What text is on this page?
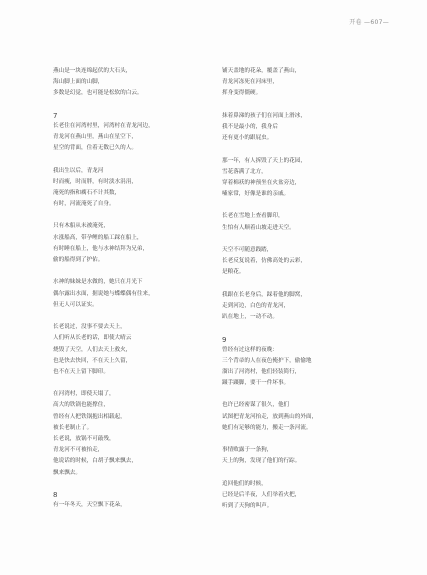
开卷 —607—
燕山是一块连绵起伏的大石头，
海山脚上面的山脚，
多数是幻觉，也可能是松软的白云。
7
长老住在河湾村里，河湾村在青龙河边，
青龙河在燕山里，燕山在星空下，
星空的背面，住着无数已久的人。
我出生以后，青龙河
时而瘦，时而胖，有时淡水涓涓，
淹死的指和瘸石不计其数，
有时，河流淹死了自身。
只有木船从未被淹死，
水涨船高，带孕鲤的船工踩在船上，
有时睡在船上，他与水神结拜为兄弟，
偷的船得到了护佑。
水神的妹妹是水做的，她只在月光下
偶尔露出水面，据说她与蝶蝶偶有往来，
但无人可以证实。
长老说过，没事不要去天上，
人们听从长老的话，即使大晴云
烧毁了天空，人们去天上救火，
也是快去快回，不在天上久留，
也不在天上留下脚印。
在河湾村，即使天塌了，
高大的铁锅也能撑住，
曾经有人把铁锅抱出相载起，
被长老制止了。
长老说，放锅不可敲残，
青龙河不可被抬走，
他说话的时候，白胡子飘来飘去，
飘来飘去。
8
有一年冬天，天空飘下花朵，
铺天盖地的花朵，覆盖了燕山，
青龙河冻死在河床里，
挥身变得僵硬。
抹着鼻涕的孩子们在河面上滑冰，
我不是最小的，我身后
还有更小的跟屁虫。
那一年，有人拆毁了天上的花园，
雪花落满了北方，
穿着棉袄的神预坐在火盆旁边，
嗑家常，好像是谁的亲戚。
长老在雪地上查看脚印，
生怕有人顺着山坡走进天空。
天空不可随意践踏，
长老反复说着，仿佛高处的云彩，
是粮花。
我跟在长老身后，踩着他的脚窝，
走到河边，白色的青龙河，
趴在地上，一动不动。
9
曾经有过这样的夜晚：
三个背帚的人在夜色掩护下，偷偷地
溜出了河湾村，他们轻装简行，
蹑手蹑脚，要干一件坏事。
也许已经密谋了很久，他们
试图把青龙河抬走，放到燕山的外面，
她们有足够的能力，搬走一条河流。
事情败露于一条狗，
天上的狗，发现了他们的行踪。
追回他们的时候，
已经是后半夜，人们举着火把，
听到了天狗的叫声。
